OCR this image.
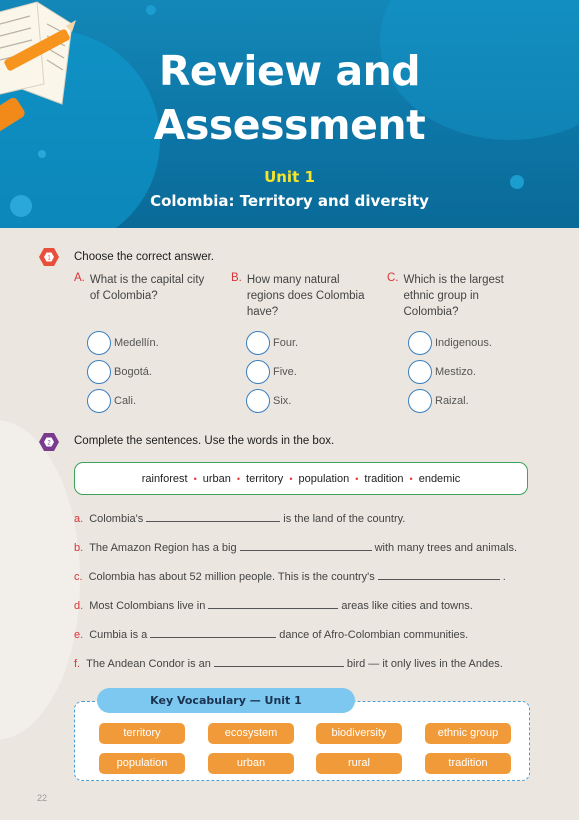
Review and
Assessment
Unit 1
Colombia: Territory and diversity
1 Choose the correct answer.
A. What is the capital city
of Colombia?
B. How many natural
regions does Colombia
have?
C. Which is the largest
ethnic group in
Colombia?
Medellín.
Bogotá.
Cali.
Four.
Five.
Six.
Indigenous.
Mestizo.
Raizal.
2 Complete the sentences. Use the words in the box.
rainforest • urban • territory • population • tradition • endemic
a. Colombia's	is the land of the country.
b. The Amazon Region has a big	with many trees and animals.
c. Colombia has about 52 million people. This is the country's	.
d. Most Colombians live in	areas like cities and towns.
e. Cumbia is a	dance of Afro-Colombian communities.
f. The Andean Condor is an	bird — it only lives in the Andes.
Key Vocabulary — Unit 1
territory	ecosystem	biodiversity	ethnic group
population	urban	rural	tradition
22
